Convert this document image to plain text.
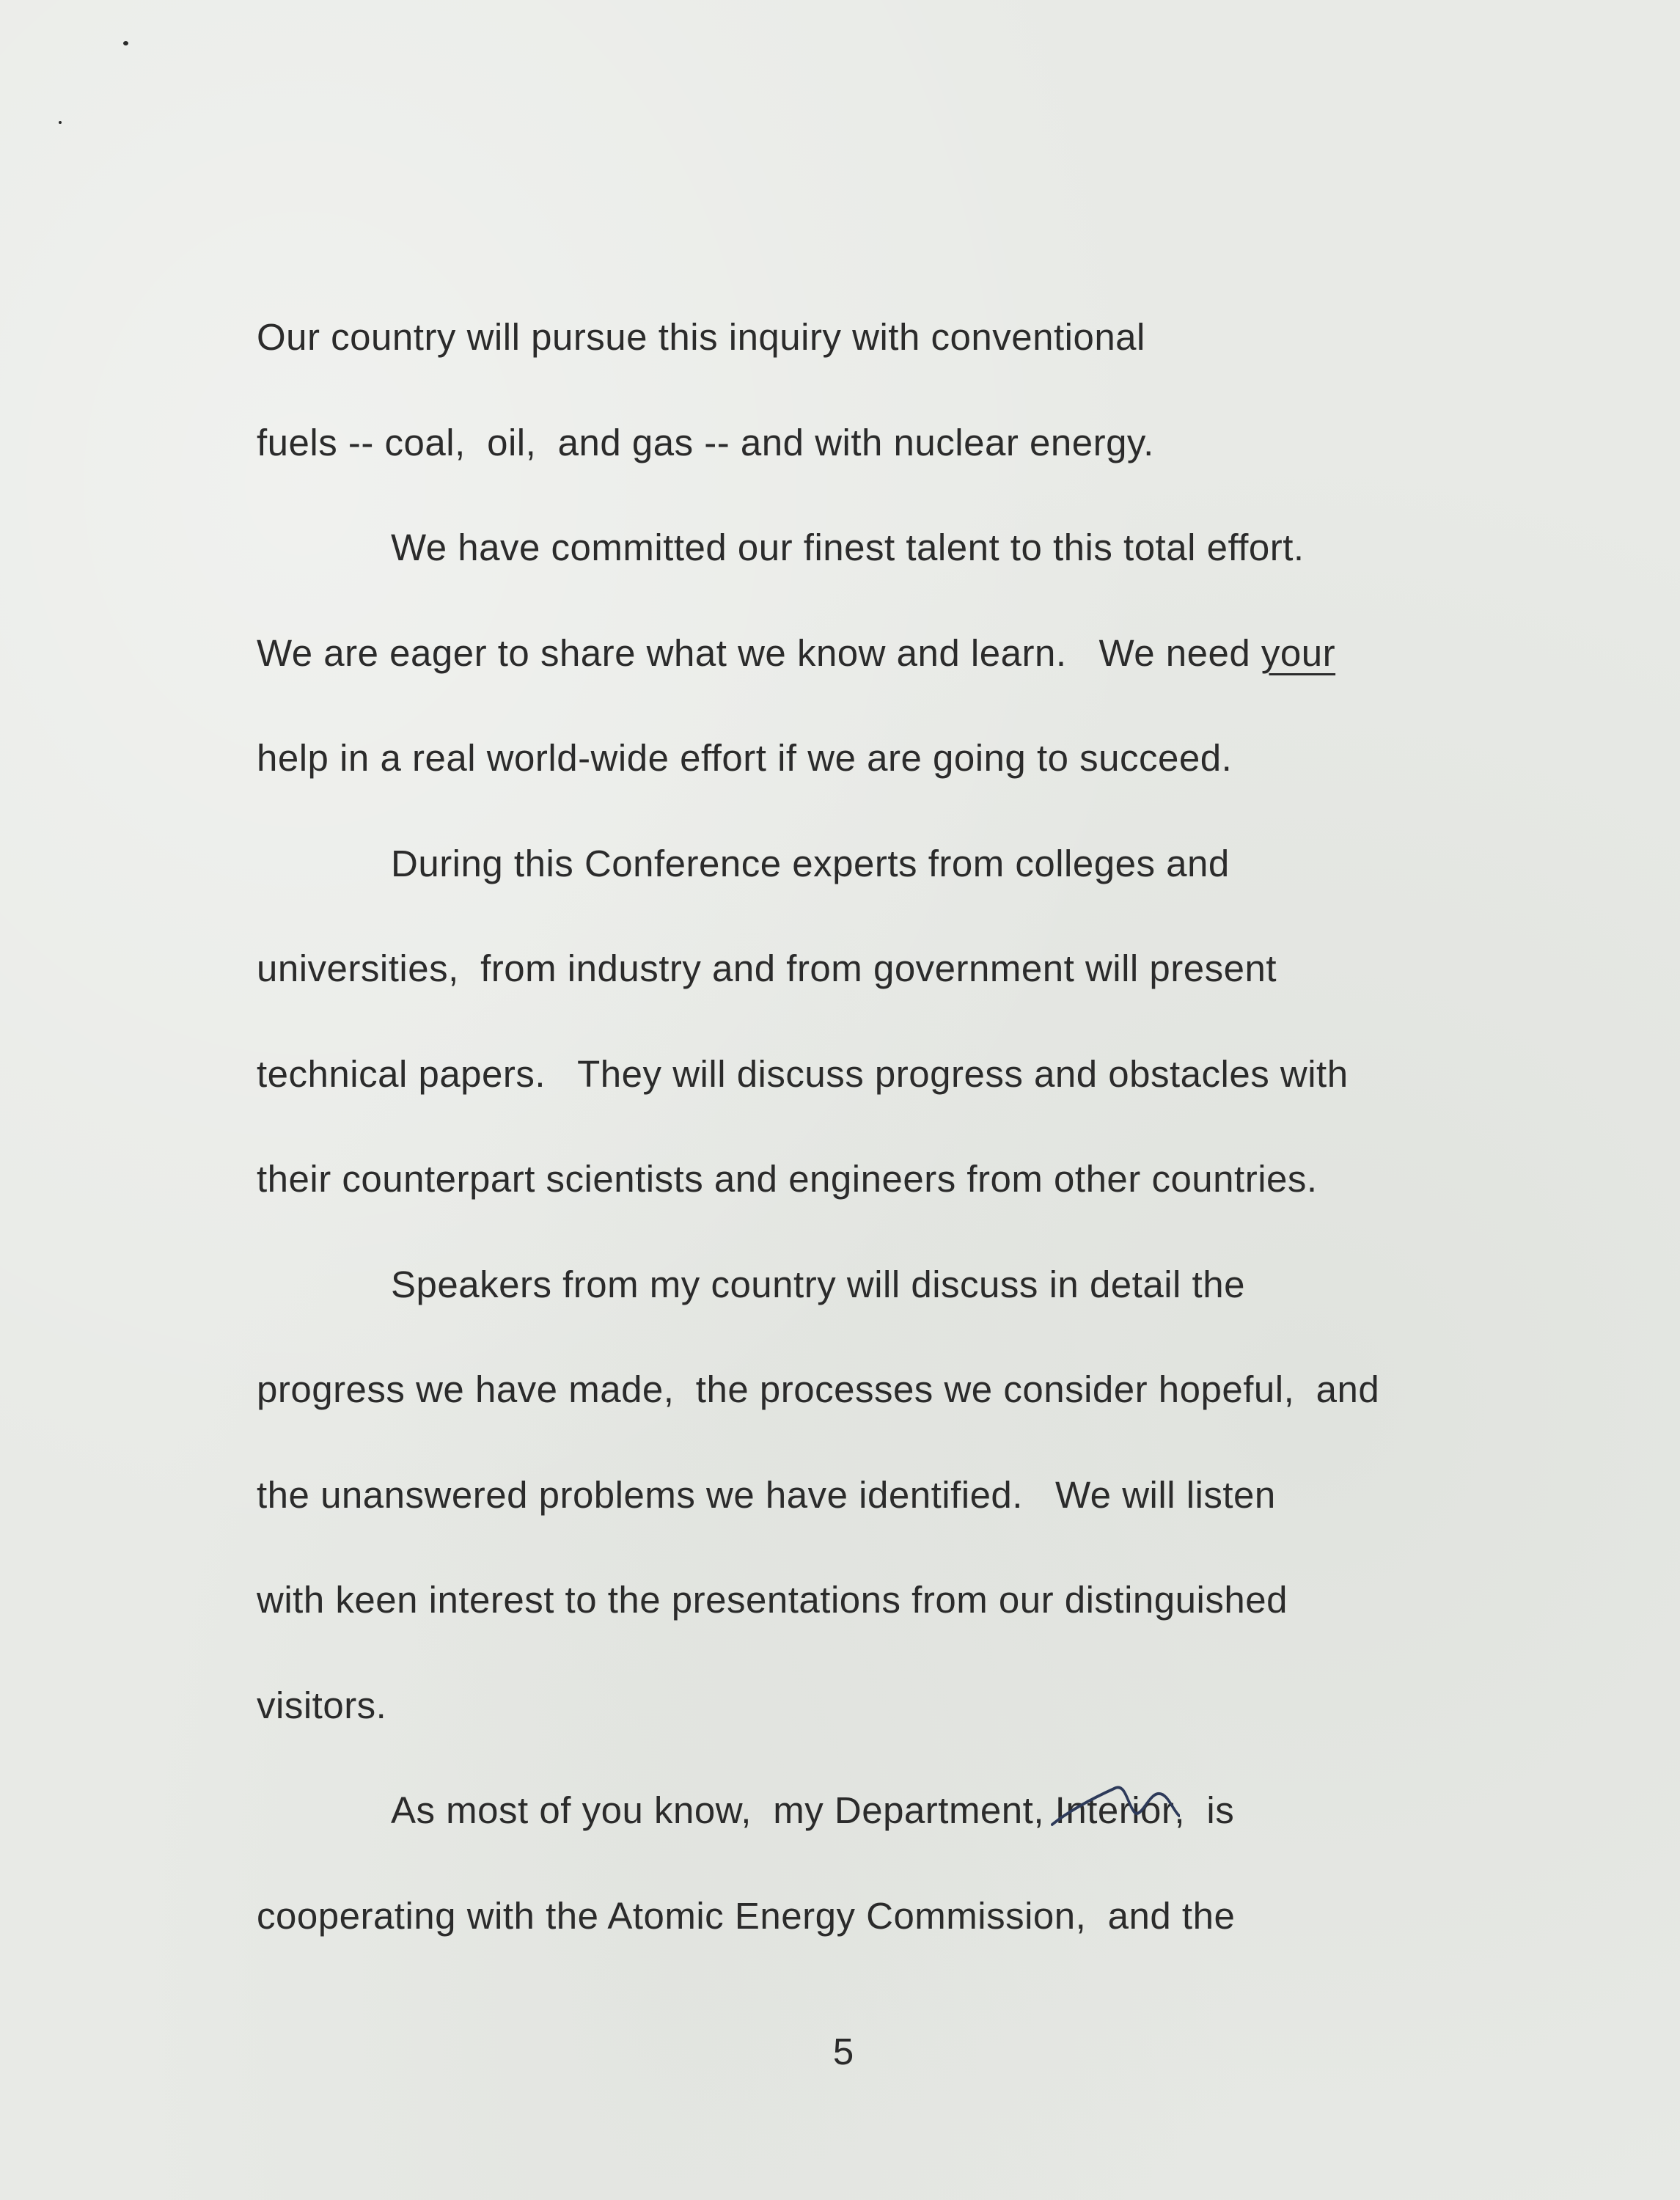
Our country will pursue this inquiry with conventional
fuels -- coal,  oil,  and gas -- and with nuclear energy.
We have committed our finest talent to this total effort.
We are eager to share what we know and learn.   We need your
help in a real world-wide effort if we are going to succeed.
During this Conference experts from colleges and
universities,  from industry and from government will present
technical papers.   They will discuss progress and obstacles with
their counterpart scientists and engineers from other countries.
Speakers from my country will discuss in detail the
progress we have made,  the processes we consider hopeful,  and
the unanswered problems we have identified.   We will listen
with keen interest to the presentations from our distinguished
visitors.
As most of you know,  my Department, Interior
,  is
cooperating with the Atomic Energy Commission,  and the
5
